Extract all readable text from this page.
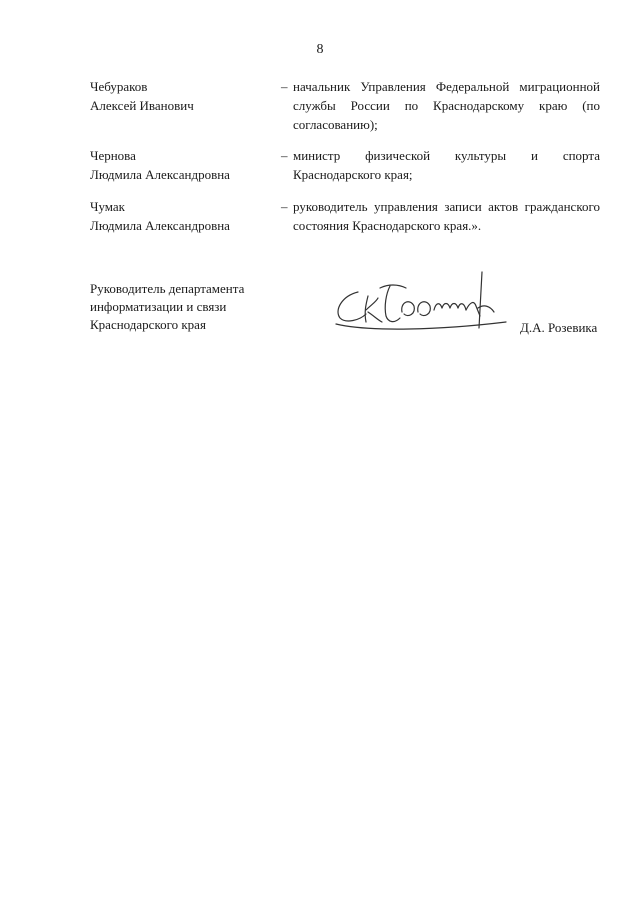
8
Чебураков
Алексей Иванович
– начальник Управления Федеральной миграционной службы России по Краснодарскому краю (по согласованию);
Чернова
Людмила Александровна
– министр физической культуры и спорта Краснодарского края;
Чумак
Людмила Александровна
– руководитель управления записи актов гражданского состояния Краснодарского края.».
Руководитель департамента
информатизации и связи
Краснодарского края	Д.А. Розевика
